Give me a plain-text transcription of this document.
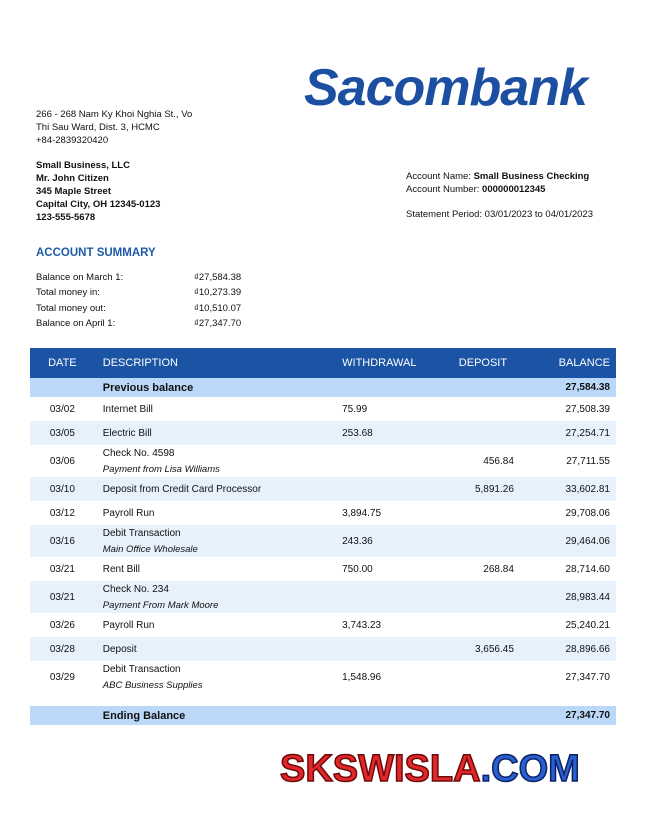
Sacombank
266 - 268 Nam Ky Khoi Nghia St., Vo
Thi Sau Ward, Dist. 3, HCMC
+84-2839320420
Small Business, LLC
Mr. John Citizen
345 Maple Street
Capital City, OH 12345-0123
123-555-5678
Account Name: Small Business Checking
Account Number: 000000012345
Statement Period: 03/01/2023 to 04/01/2023
ACCOUNT SUMMARY
Balance on March 1:	₫27,584.38
Total money in:	₫10,273.39
Total money out:	₫10,510.07
Balance on April 1:	₫27,347.70
DATE	DESCRIPTION	WITHDRAWAL	DEPOSIT	BALANCE
	Previous balance			27,584.38
03/02	Internet Bill	75.99		27,508.39
03/05	Electric Bill	253.68		27,254.71
03/06	Check No. 4598
Payment from Lisa Williams		456.84	27,711.55
03/10	Deposit from Credit Card Processor		5,891.26	33,602.81
03/12	Payroll Run	3,894.75		29,708.06
03/16	Debit Transaction
Main Office Wholesale	243.36		29,464.06
03/21	Rent Bill	750.00	268.84	28,714.60
03/21	Check No. 234
Payment From Mark Moore			28,983.44
03/26	Payroll Run	3,743.23		25,240.21
03/28	Deposit		3,656.45	28,896.66
03/29	Debit Transaction
ABC Business Supplies	1,548.96		27,347.70

	Ending Balance			27,347.70
SKSWISLA.COM
